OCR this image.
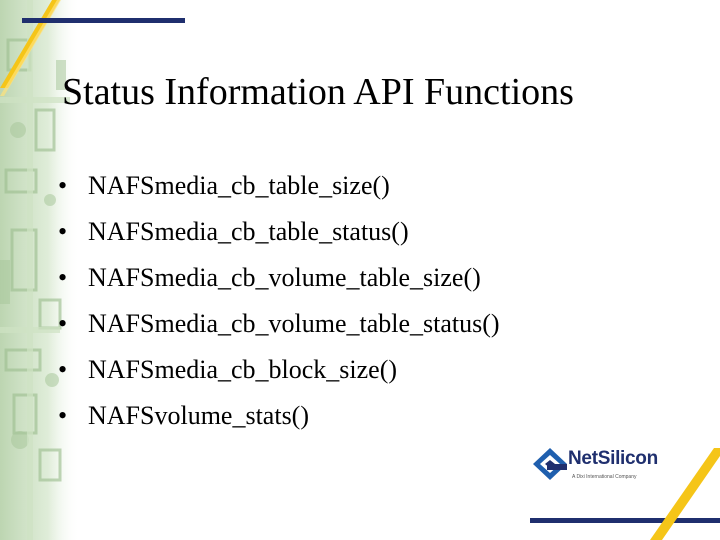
Status Information API Functions
• NAFSmedia_cb_table_size()
• NAFSmedia_cb_table_status()
• NAFSmedia_cb_volume_table_size()
• NAFSmedia_cb_volume_table_status()
• NAFSmedia_cb_block_size()
• NAFSvolume_stats()
NetSilicon
A Dixi International Company
